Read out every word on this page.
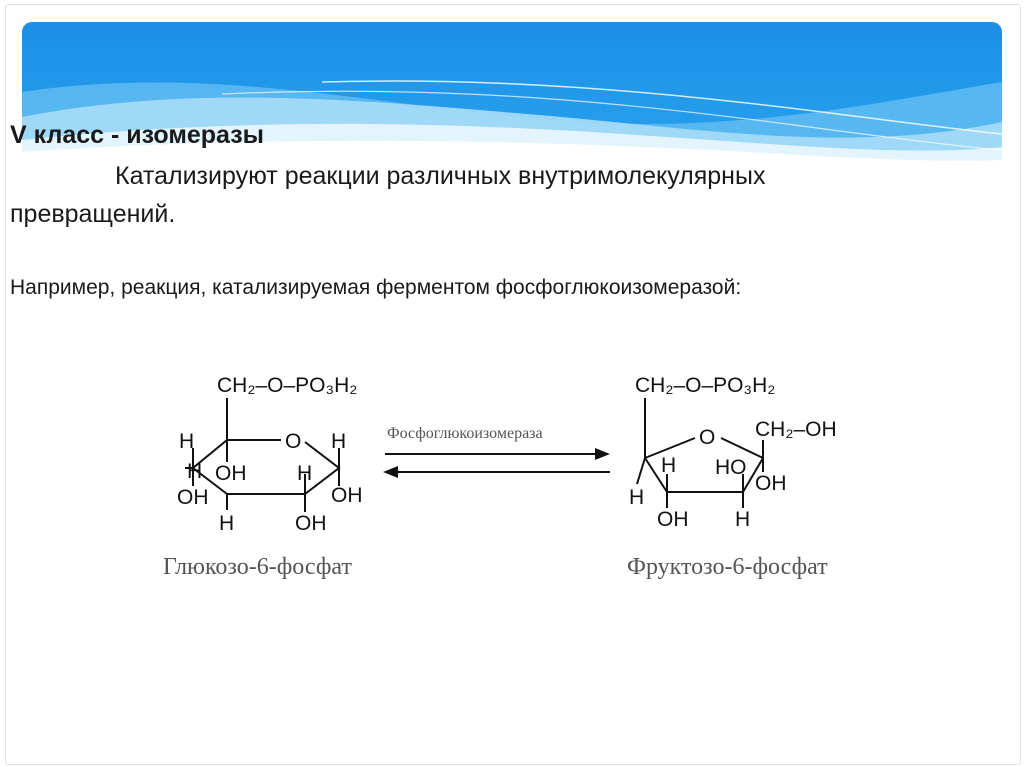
V класс - изомеразы
Катализируют реакции различных внутримолекулярных
превращений.
Например, реакция, катализируемая ферментом фосфоглюкоизомеразой:
CH₂–O–PO₃H₂
H	O H
H OH H
OH	OH
H	OH
Глюкозо-6-фосфат
Фосфоглюкоизомераза
CH₂–O–PO₃H₂
CH₂–OH
O
H HO
OH
H
OH H
Фруктозо-6-фосфат
